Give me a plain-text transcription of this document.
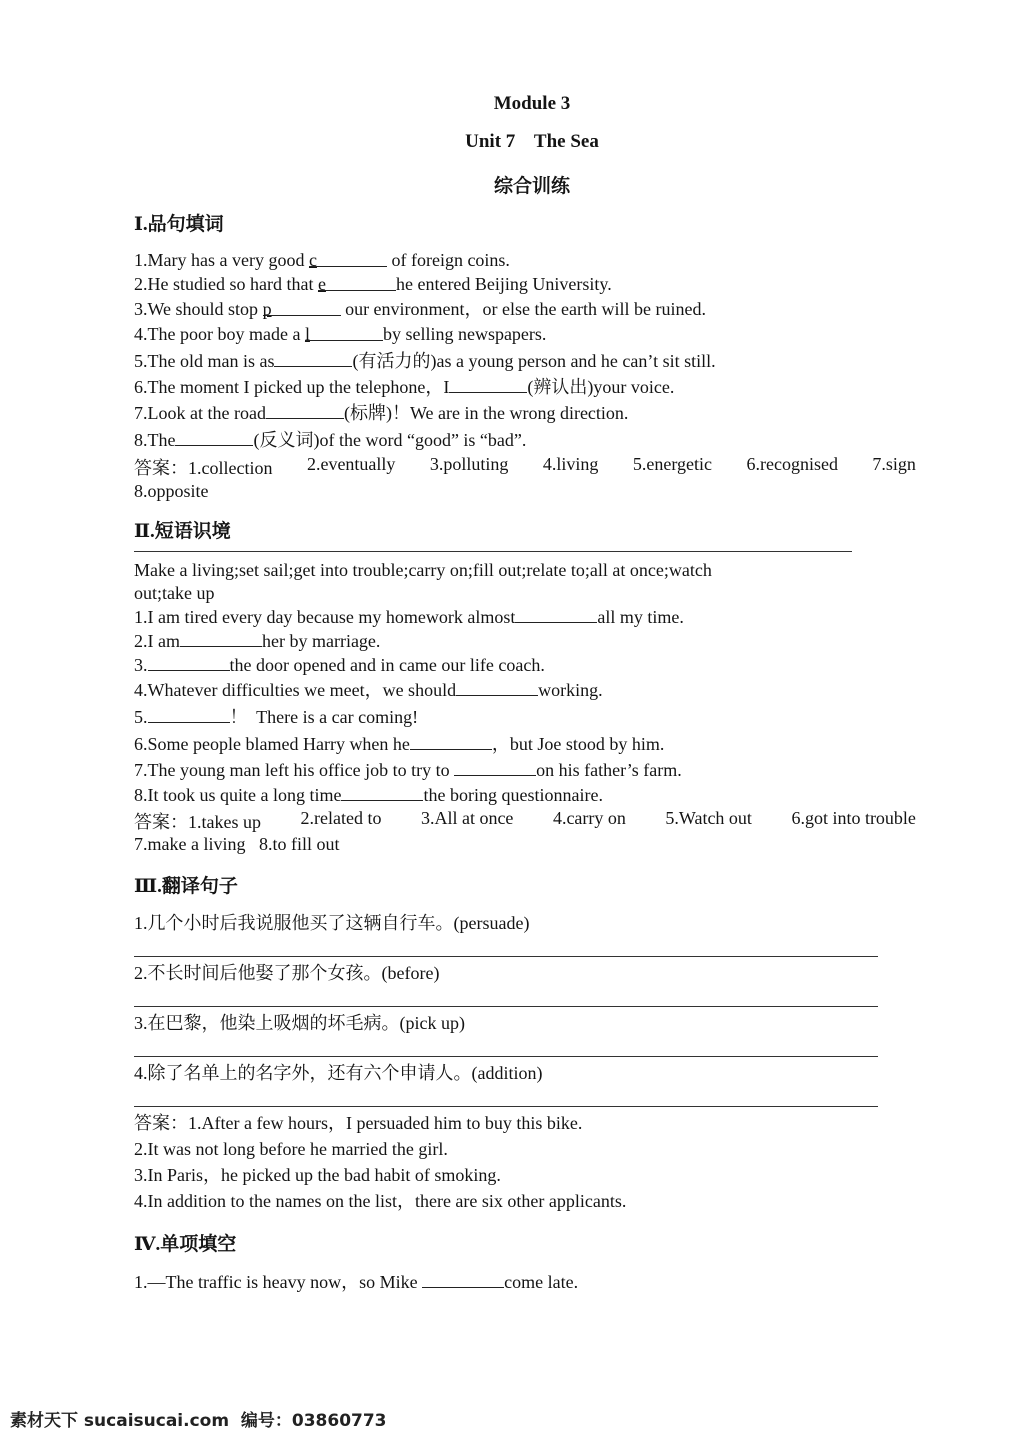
Module 3
Unit 7    The Sea
综合训练
Ⅰ.品句填词
1.Mary has a very good c	of foreign coins.
2.He studied so hard that e	he entered Beijing University.
3.We should stop p	our environment，or else the earth will be ruined.
4.The poor boy made a l	by selling newspapers.
5.The old man is as	(有活力的)as a young person and he can’t sit still.
6.The moment I picked up the telephone，I	(辨认出)your voice.
7.Look at the road	(标牌)！We are in the wrong direction.
8.The	(反义词)of the word “good” is “bad”.
答案：1.collection 2.eventually 3.polluting 4.living 5.energetic 6.recognised 7.sign
8.opposite
Ⅱ.短语识境
Make a living;set sail;get into trouble;carry on;fill out;relate to;all at once;watch
out;take up
1.I am tired every day because my homework almost	all my time.
2.I am	her by marriage.
3.	the door opened and in came our life coach.
4.Whatever difficulties we meet，we should	working.
5.	！  There is a car coming!
6.Some people blamed Harry when he	，but Joe stood by him.
7.The young man left his office job to try to	on his father’s farm.
8.It took us quite a long time	the boring questionnaire.
答案：1.takes up 2.related to 3.All at once 4.carry on 5.Watch out 6.got into trouble
7.make a living   8.to fill out
Ⅲ.翻译句子
1.几个小时后我说服他买了这辆自行车。(persuade)
2.不长时间后他娶了那个女孩。(before)
3.在巴黎，他染上吸烟的坏毛病。(pick up)
4.除了名单上的名字外，还有六个申请人。(addition)
答案：1.After a few hours，I persuaded him to buy this bike.
2.It was not long before he married the girl.
3.In Paris，he picked up the bad habit of smoking.
4.In addition to the names on the list，there are six other applicants.
Ⅳ.单项填空
1.—The traffic is heavy now，so Mike	come late.
素材天下 sucaisucai.com  编号：03860773
